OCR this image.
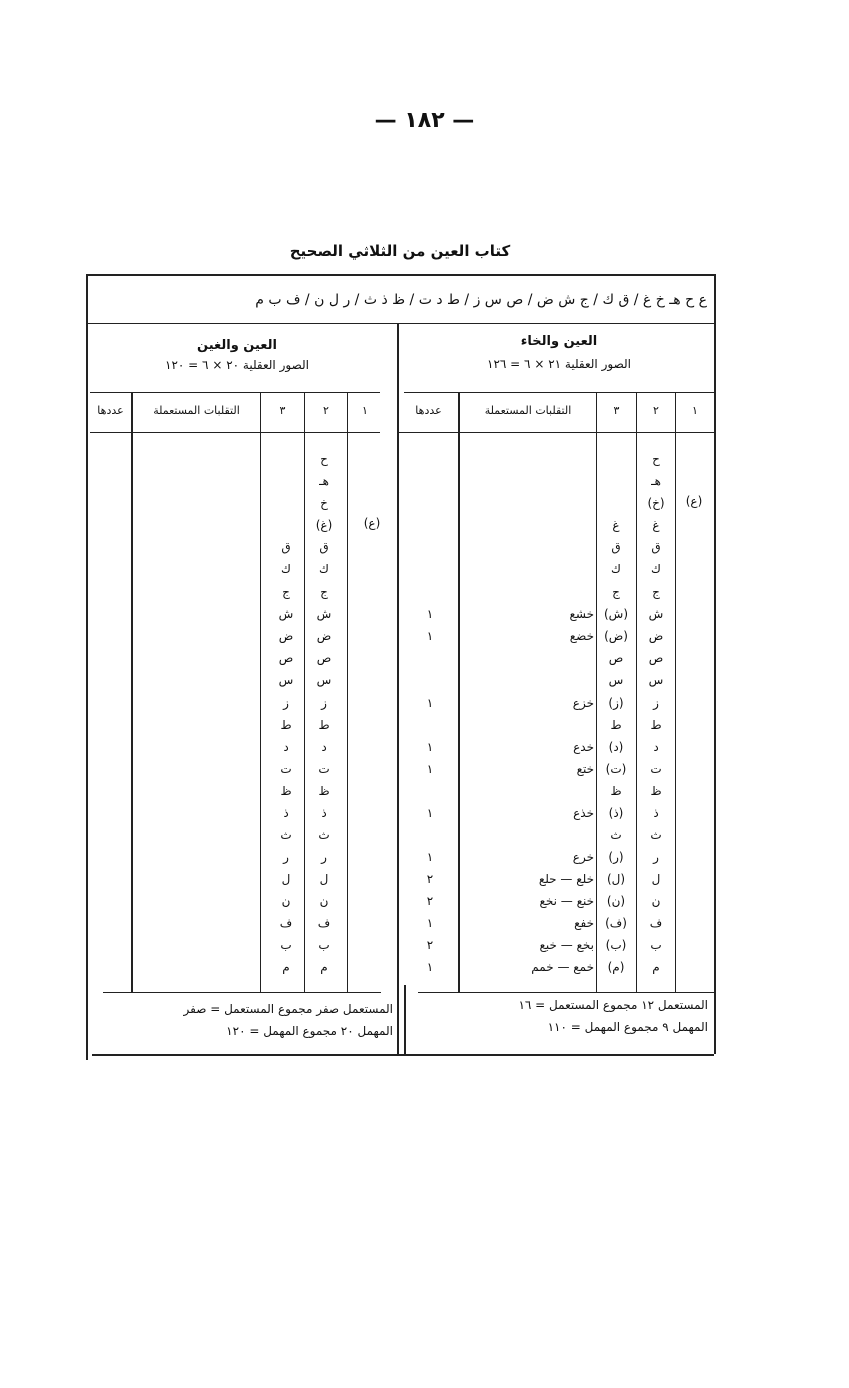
— ١٨٢ —
كتاب العين من الثلاثي الصحيح
ع ح هـ خ غ / ق ك / ج ش ض / ص س ز / ط د ت / ظ ذ ث / ر ل ن / ف ب م
العين والخاء
الصور العقلية ٢١ × ٦ = ١٢٦
العين والغين
الصور العقلية ٢٠ × ٦ = ١٢٠
١
٢
٣
التقلبات المستعملة
عددها
١
٢
٣
التقلبات المستعملة
عددها
(ع)
ح
هـ
(خ)
غ
ق
ك
ج
ش
ض
ص
س
ز
ط
د
ت
ظ
ذ
ث
ر
ل
ن
ف
ب
م
غ
ق
ك
ج
(ش)
خشع
١
(ض)
خضع
١
ص
س
(ز)
خزع
١
ط
(د)
خدع
١
(ت)
ختع
١
ظ
(ذ)
خذع
١
ث
(ر)
خرع
١
(ل)
خلع — حلع
٢
(ن)
خنع — نخع
٢
(ف)
خفع
١
(ب)
بخع — خبع
٢
(م)
خمع — خمم
١
(ع)
ح
هـ
خ
(غ)
ق
ك
ج
ش
ض
ص
س
ز
ط
د
ت
ظ
ذ
ث
ر
ل
ن
ف
ب
م
ق
ك
ج
ش
ض
ص
س
ز
ط
د
ت
ظ
ذ
ث
ر
ل
ن
ف
ب
م
المستعمل ١٢ مجموع المستعمل = ١٦
المهمل ٩ مجموع المهمل = ١١٠
المستعمل صفر مجموع المستعمل = صفر
المهمل ٢٠ مجموع المهمل = ١٢٠
